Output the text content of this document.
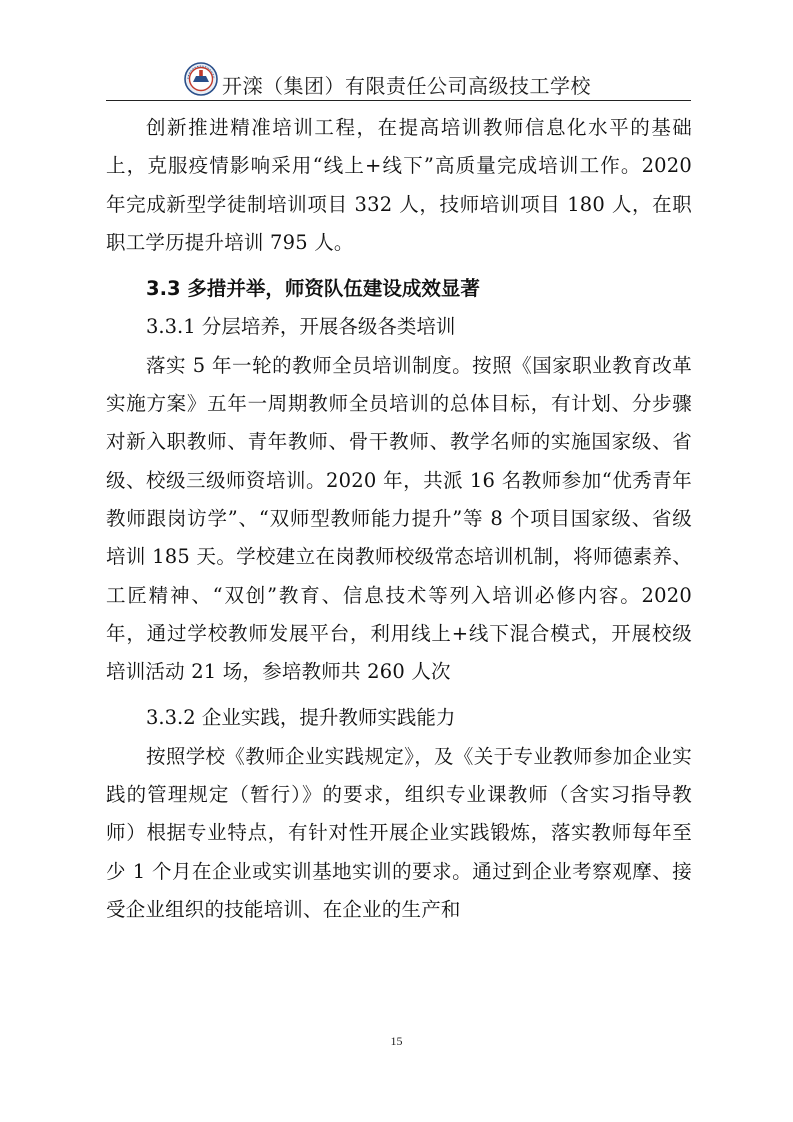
开滦（集团）有限责任公司高级技工学校

创新推进精准培训工程，在提高培训教师信息化水平的基础上，克服疫情影响采用“线上+线下”高质量完成培训工作。2020 年完成新型学徒制培训项目 332 人，技师培训项目 180 人，在职职工学历提升培训 795 人。

3.3 多措并举，师资队伍建设成效显著

3.3.1 分层培养，开展各级各类培训

落实 5 年一轮的教师全员培训制度。按照《国家职业教育改革实施方案》五年一周期教师全员培训的总体目标，有计划、分步骤对新入职教师、青年教师、骨干教师、教学名师的实施国家级、省级、校级三级师资培训。2020 年，共派 16 名教师参加“优秀青年教师跟岗访学”、“双师型教师能力提升”等 8 个项目国家级、省级培训 185 天。学校建立在岗教师校级常态培训机制，将师德素养、工匠精神、“双创”教育、信息技术等列入培训必修内容。2020 年，通过学校教师发展平台，利用线上+线下混合模式，开展校级培训活动 21 场，参培教师共 260 人次

3.3.2 企业实践，提升教师实践能力

按照学校《教师企业实践规定》，及《关于专业教师参加企业实践的管理规定（暂行）》的要求，组织专业课教师（含实习指导教师）根据专业特点，有针对性开展企业实践锻炼，落实教师每年至少 1 个月在企业或实训基地实训的要求。通过到企业考察观摩、接受企业组织的技能培训、在企业的生产和

15
